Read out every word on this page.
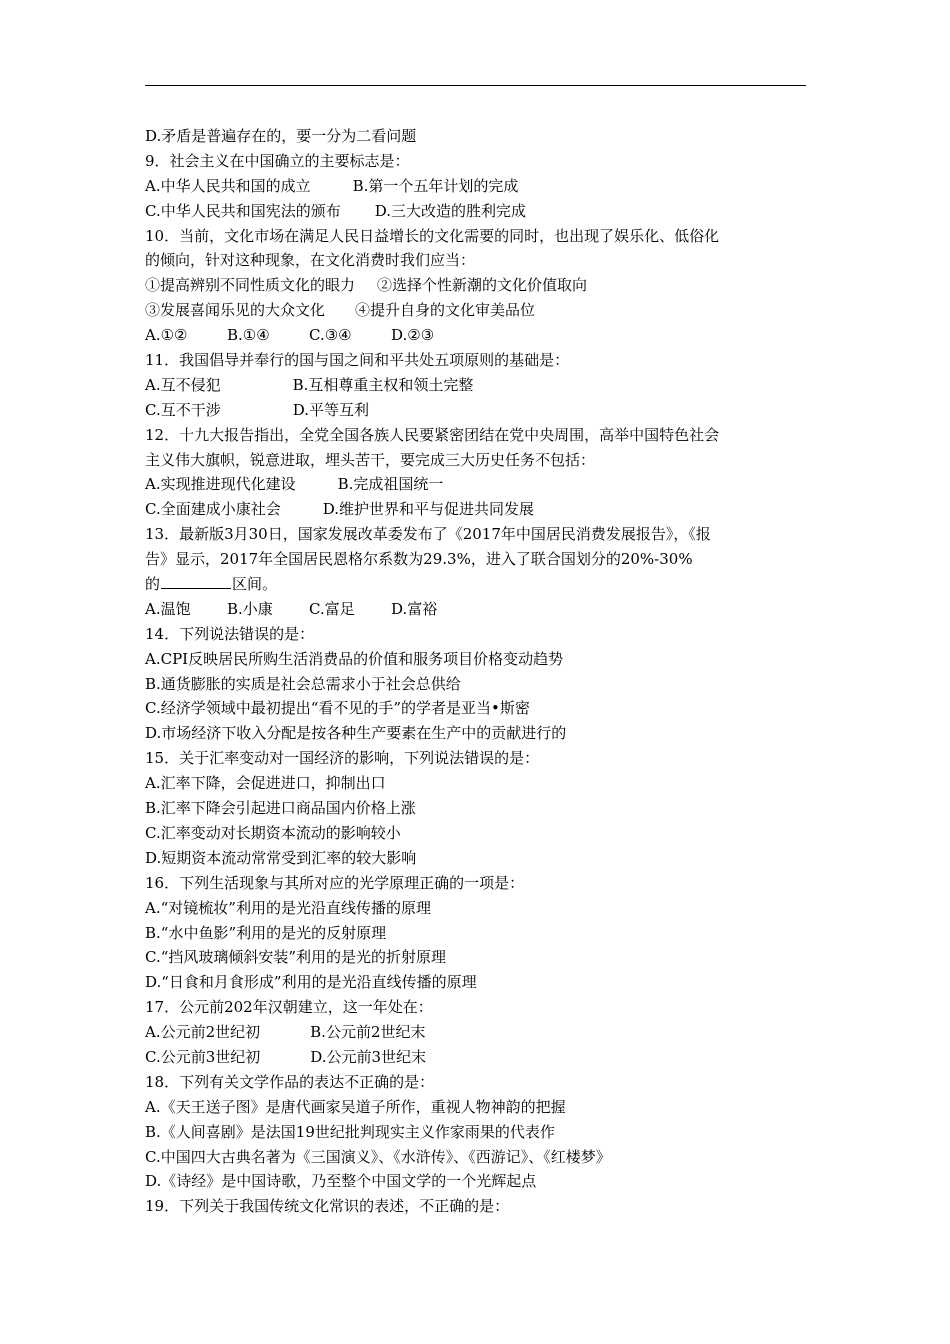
D.矛盾是普遍存在的，要一分为二看问题
9．社会主义在中国确立的主要标志是：
A.中华人民共和国的成立	B.第一个五年计划的完成
C.中华人民共和国宪法的颁布 D.三大改造的胜利完成
10．当前，文化市场在满足人民日益增长的文化需要的同时，也出现了娱乐化、低俗化
的倾向，针对这种现象，在文化消费时我们应当：
①提高辨别不同性质文化的眼力 ②选择个性新潮的文化价值取向
③发展喜闻乐见的大众文化 ④提升自身的文化审美品位
A.①②	B.①④	C.③④	D.②③
11．我国倡导并奉行的国与国之间和平共处五项原则的基础是：
A.互不侵犯	B.互相尊重主权和领土完整
C.互不干涉	D.平等互利
12．十九大报告指出，全党全国各族人民要紧密团结在党中央周围，高举中国特色社会
主义伟大旗帜，锐意进取，埋头苦干，要完成三大历史任务不包括：
A.实现推进现代化建设	B.完成祖国统一
C.全面建成小康社会	D.维护世界和平与促进共同发展
13．最新版3月30日，国家发展改革委发布了《2017年中国居民消费发展报告》，《报
告》显示，2017年全国居民恩格尔系数为29.3%，进入了联合国划分的20%-30%
的	区间。
A.温饱 B.小康 C.富足 D.富裕
14．下列说法错误的是：
A.CPI反映居民所购生活消费品的价值和服务项目价格变动趋势
B.通货膨胀的实质是社会总需求小于社会总供给
C.经济学领域中最初提出“看不见的手”的学者是亚当•斯密
D.市场经济下收入分配是按各种生产要素在生产中的贡献进行的
15．关于汇率变动对一国经济的影响，下列说法错误的是：
A.汇率下降，会促进进口，抑制出口
B.汇率下降会引起进口商品国内价格上涨
C.汇率变动对长期资本流动的影响较小
D.短期资本流动常常受到汇率的较大影响
16．下列生活现象与其所对应的光学原理正确的一项是：
A.“对镜梳妆”利用的是光沿直线传播的原理
B.“水中鱼影”利用的是光的反射原理
C.“挡风玻璃倾斜安装”利用的是光的折射原理
D.“日食和月食形成”利用的是光沿直线传播的原理
17．公元前202年汉朝建立，这一年处在：
A.公元前2世纪初	B.公元前2世纪末
C.公元前3世纪初	D.公元前3世纪末
18．下列有关文学作品的表达不正确的是：
A.《天王送子图》是唐代画家吴道子所作，重视人物神韵的把握
B.《人间喜剧》是法国19世纪批判现实主义作家雨果的代表作
C.中国四大古典名著为《三国演义》、《水浒传》、《西游记》、《红楼梦》
D.《诗经》是中国诗歌，乃至整个中国文学的一个光辉起点
19．下列关于我国传统文化常识的表述，不正确的是：
